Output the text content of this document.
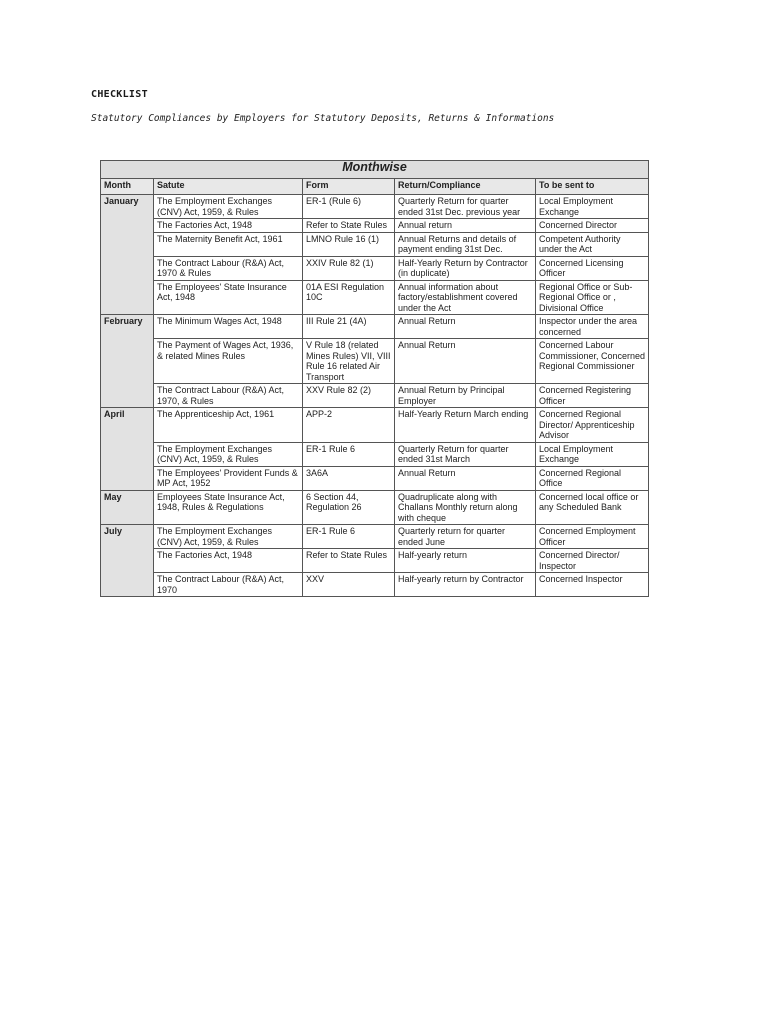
CHECKLIST
Statutory Compliances by Employers for Statutory Deposits, Returns & Informations
Monthwise				
Month	Satute	Form	Return/Compliance	To be sent to
January	The Employment Exchanges (CNV) Act, 1959, & Rules	ER-1 (Rule 6)	Quarterly Return for quarter ended 31st Dec. previous year	Local Employment Exchange
	The Factories Act, 1948	Refer to State Rules	Annual return	Concerned Director
	The Maternity Benefit Act, 1961	LMNO Rule 16 (1)	Annual Returns and details of payment ending 31st Dec.	Competent Authority under the Act
	The Contract Labour (R&A) Act, 1970 & Rules	XXIV Rule 82 (1)	Half-Yearly Return by Contractor (in duplicate)	Concerned Licensing Officer
	The Employees' State Insurance Act, 1948	01A ESI Regulation 10C	Annual information about factory/establishment covered under the Act	Regional Office or Sub-Regional Office or , Divisional Office
February	The Minimum Wages Act, 1948	III Rule 21 (4A)	Annual Return	Inspector under the area concerned
	The Payment of Wages Act, 1936, & related Mines Rules	V Rule 18 (related Mines Rules) VII, VIII Rule 16 related Air Transport	Annual Return	Concerned Labour Commissioner, Concerned Regional Commissioner
	The Contract Labour (R&A) Act, 1970, & Rules	XXV Rule 82 (2)	Annual Return by Principal Employer	Concerned Registering Officer
April	The Apprenticeship Act, 1961	APP-2	Half-Yearly Return March ending	Concerned Regional Director/ Apprenticeship Advisor
	The Employment Exchanges (CNV) Act, 1959, & Rules	ER-1 Rule 6	Quarterly Return for quarter ended 31st March	Local Employment Exchange
	The Employees' Provident Funds & MP Act, 1952	3A6A	Annual Return	Concerned Regional Office
May	Employees State Insurance Act, 1948, Rules & Regulations	6 Section 44, Regulation 26	Quadruplicate along with Challans Monthly return along with cheque	Concerned local office or any Scheduled Bank
July	The Employment Exchanges (CNV) Act, 1959, & Rules	ER-1 Rule 6	Quarterly return for quarter ended June	Concerned Employment Officer
	The Factories Act, 1948	Refer to State Rules	Half-yearly return	Concerned Director/ Inspector
	The Contract Labour (R&A) Act, 1970	XXV	Half-yearly return by Contractor	Concerned Inspector
